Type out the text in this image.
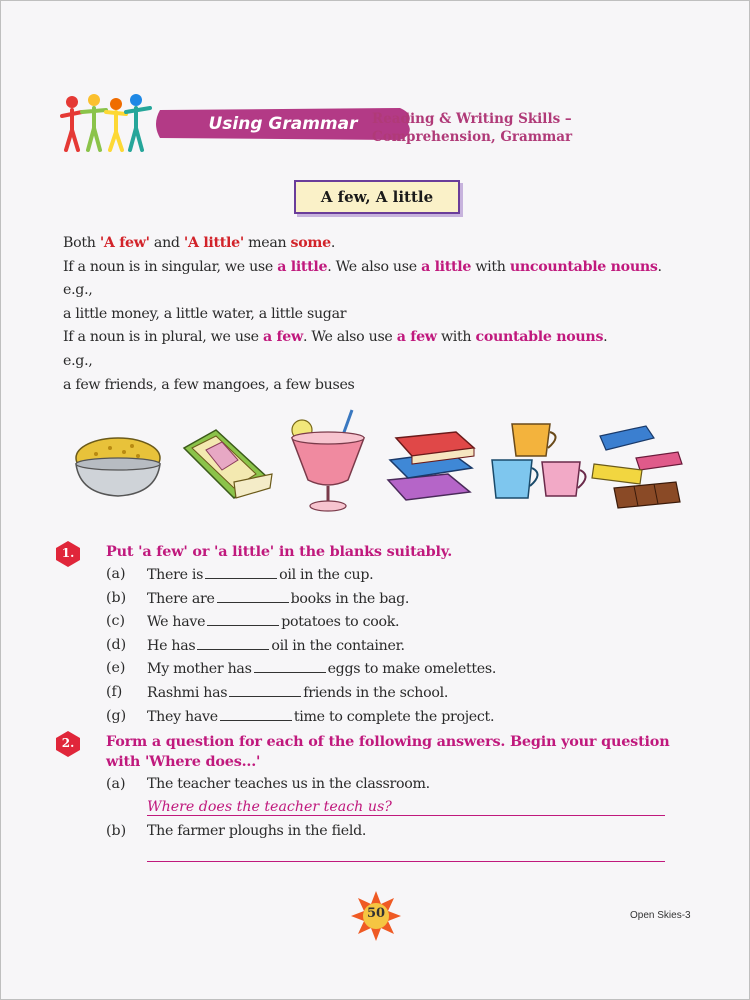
Using Grammar	Reading & Writing Skills –
Comprehension, Grammar
A few, A little
Both 'A few' and 'A little' mean some.
If a noun is in singular, we use a little. We also use a little with uncountable nouns.
e.g.,
a little money, a little water, a little sugar
If a noun is in plural, we use a few. We also use a few with countable nouns.
e.g.,
a few friends, a few mangoes, a few buses
1.	Put 'a few' or 'a little' in the blanks suitably.
(a)	There is	oil in the cup.
(b)	There are	books in the bag.
(c)	We have	potatoes to cook.
(d)	He has	oil in the container.
(e)	My mother has	eggs to make omelettes.
(f)	Rashmi has	friends in the school.
(g)	They have	time to complete the project.
2.	Form a question for each of the following answers. Begin your question
with 'Where does...'
(a)	The teacher teaches us in the classroom.
Where does the teacher teach us?
(b)	The farmer ploughs in the field.
50	Open Skies-3
